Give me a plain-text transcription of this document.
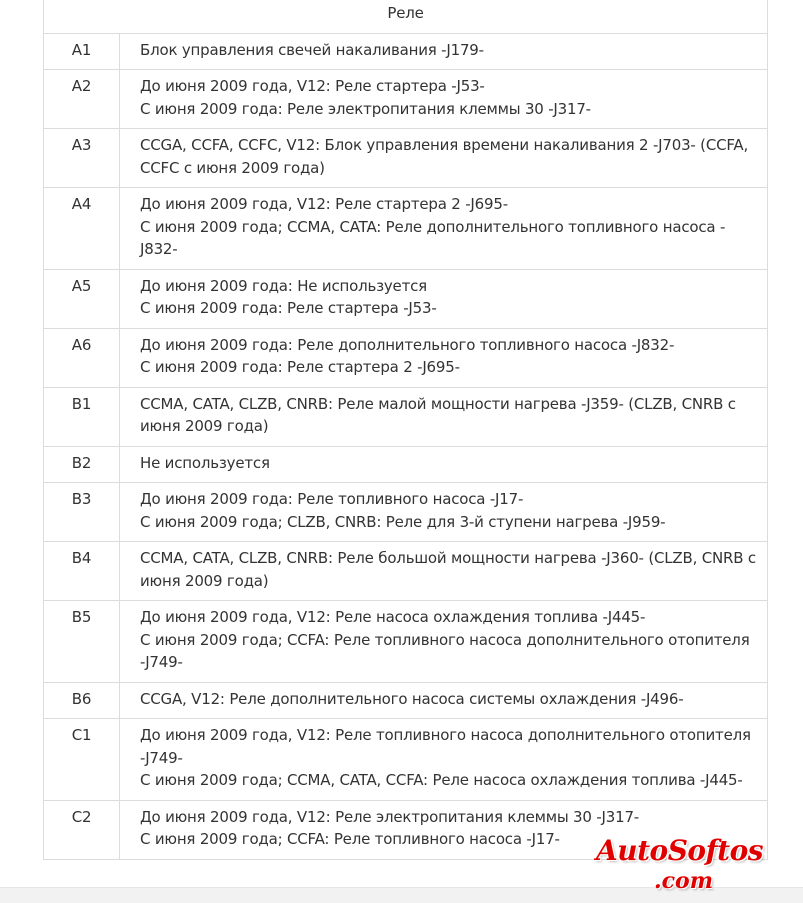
Реле	
A1	Блок управления свечей накаливания -J179-

A2	До июня 2009 года, V12: Реле стартера -J53-
С июня 2009 года: Реле электропитания клеммы 30 -J317-

A3	CCGA, CCFA, CCFC, V12: Блок управления времени накаливания 2 -J703- (CCFA, CCFC с июня 2009 года)

A4	До июня 2009 года, V12: Реле стартера 2 -J695-
С июня 2009 года; CCMA, CATA: Реле дополнительного топливного насоса -J832-

A5	До июня 2009 года: Не используется
С июня 2009 года: Реле стартера -J53-

A6	До июня 2009 года: Реле дополнительного топливного насоса -J832-
С июня 2009 года: Реле стартера 2 -J695-

B1	CCMA, CATA, CLZB, CNRB: Реле малой мощности нагрева -J359- (CLZB, CNRB с июня 2009 года)

B2	Не используется

B3	До июня 2009 года: Реле топливного насоса -J17-
С июня 2009 года; CLZB, CNRB: Реле для 3-й ступени нагрева -J959-

B4	CCMA, CATA, CLZB, CNRB: Реле большой мощности нагрева -J360- (CLZB, CNRB с июня 2009 года)

B5	До июня 2009 года, V12: Реле насоса охлаждения топлива -J445-
С июня 2009 года; CCFA: Реле топливного насоса дополнительного отопителя -J749-

B6	CCGA, V12: Реле дополнительного насоса системы охлаждения -J496-

C1	До июня 2009 года, V12: Реле топливного насоса дополнительного отопителя -J749-
С июня 2009 года; CCMA, CATA, CCFA: Реле насоса охлаждения топлива -J445-

C2	До июня 2009 года, V12: Реле электропитания клеммы 30 -J317-
С июня 2009 года; CCFA: Реле топливного насоса -J17-	AutoSoftos
.com
